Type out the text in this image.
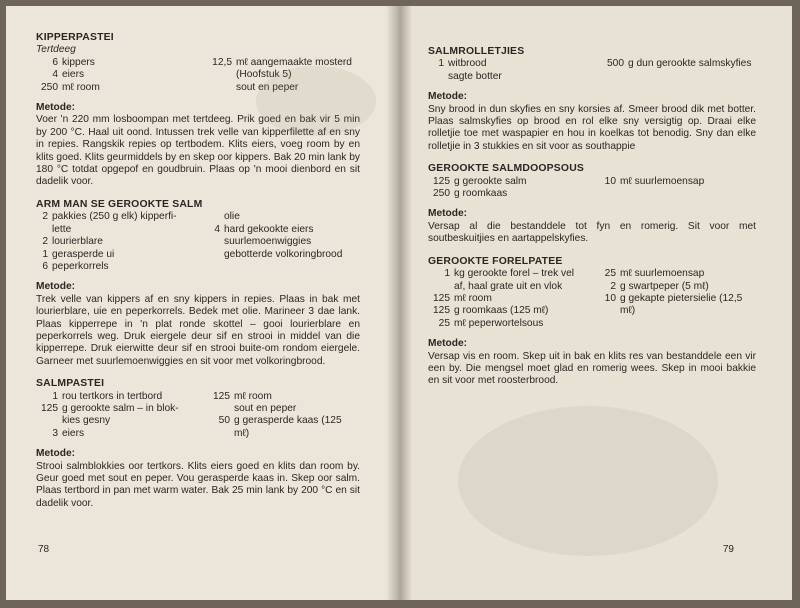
KIPPERPASTEI
Tertdeeg
6 kippers
4 eiers
250 mℓ room
12,5 mℓ aangemaakte mosterd
(Hoofstuk 5)
sout en peper
Metode:
Voer 'n 220 mm losboompan met tertdeeg. Prik goed en bak vir 5 min by 200 °C. Haal uit oond. Intussen trek velle van kipperfilette af en sny in repies. Rangskik repies op tertbodem. Klits eiers, voeg room by en klits goed. Klits geurmiddels by en skep oor kippers. Bak 20 min lank by 180 °C totdat opgepof en goudbruin. Plaas op 'n mooi dienbord en sit dadelik voor.
ARM MAN SE GEROOKTE SALM
2 pakkies (250 g elk) kipperfi-
lette
2 lourierblare
1 gerasperde ui
6 peperkorrels
olie
4 hard gekookte eiers
suurlemoenwiggies
gebotterde volkoringbrood
Metode:
Trek velle van kippers af en sny kippers in repies. Plaas in bak met lourierblare, uie en peperkorrels. Bedek met olie. Marineer 3 dae lank. Plaas kipperrepe in 'n plat ronde skottel – gooi lourierblare en peperkorrels weg. Druk eiergele deur sif en strooi in middel van die kipperrepe. Druk eierwitte deur sif en strooi buite-om rondom eiergele. Garneer met suurlemoenwiggies en sit voor met volkoringbrood.
SALMPASTEI
1 rou tertkors in tertbord
125 g gerookte salm – in blok-
kies gesny
3 eiers
125 mℓ room
sout en peper
50 g gerasperde kaas (125
mℓ)
Metode:
Strooi salmblokkies oor tertkors. Klits eiers goed en klits dan room by. Geur goed met sout en peper. Vou gerasperde kaas in. Skep oor salm. Plaas tertbord in pan met warm water. Bak 25 min lank by 200 °C en sit dadelik voor.
78
SALMROLLETJIES
1 witbrood
sagte botter
500 g dun gerookte salmskyfies
Metode:
Sny brood in dun skyfies en sny korsies af. Smeer brood dik met botter. Plaas salmskyfies op brood en rol elke sny versigtig op. Draai elke rolletjie toe met waspapier en hou in koelkas tot benodig. Sny dan elke rolletjie in 3 stukkies en sit voor as southappie
GEROOKTE SALMDOOPSOUS
125 g gerookte salm
250 g roomkaas
10 mℓ suurlemoensap
Metode:
Versap al die bestanddele tot fyn en romerig. Sit voor met soutbeskuitjies en aartappelskyfies.
GEROOKTE FORELPATEE
1 kg gerookte forel – trek vel
af, haal grate uit en vlok
125 mℓ room
125 g roomkaas (125 mℓ)
25 mℓ peperwortelsous
25 mℓ suurlemoensap
2 g swartpeper (5 mℓ)
10 g gekapte pietersielie (12,5
mℓ)
Metode:
Versap vis en room. Skep uit in bak en klits res van bestanddele een vir een by. Die mengsel moet glad en romerig wees. Skep in mooi bakkie en sit voor met roosterbrood.
79
